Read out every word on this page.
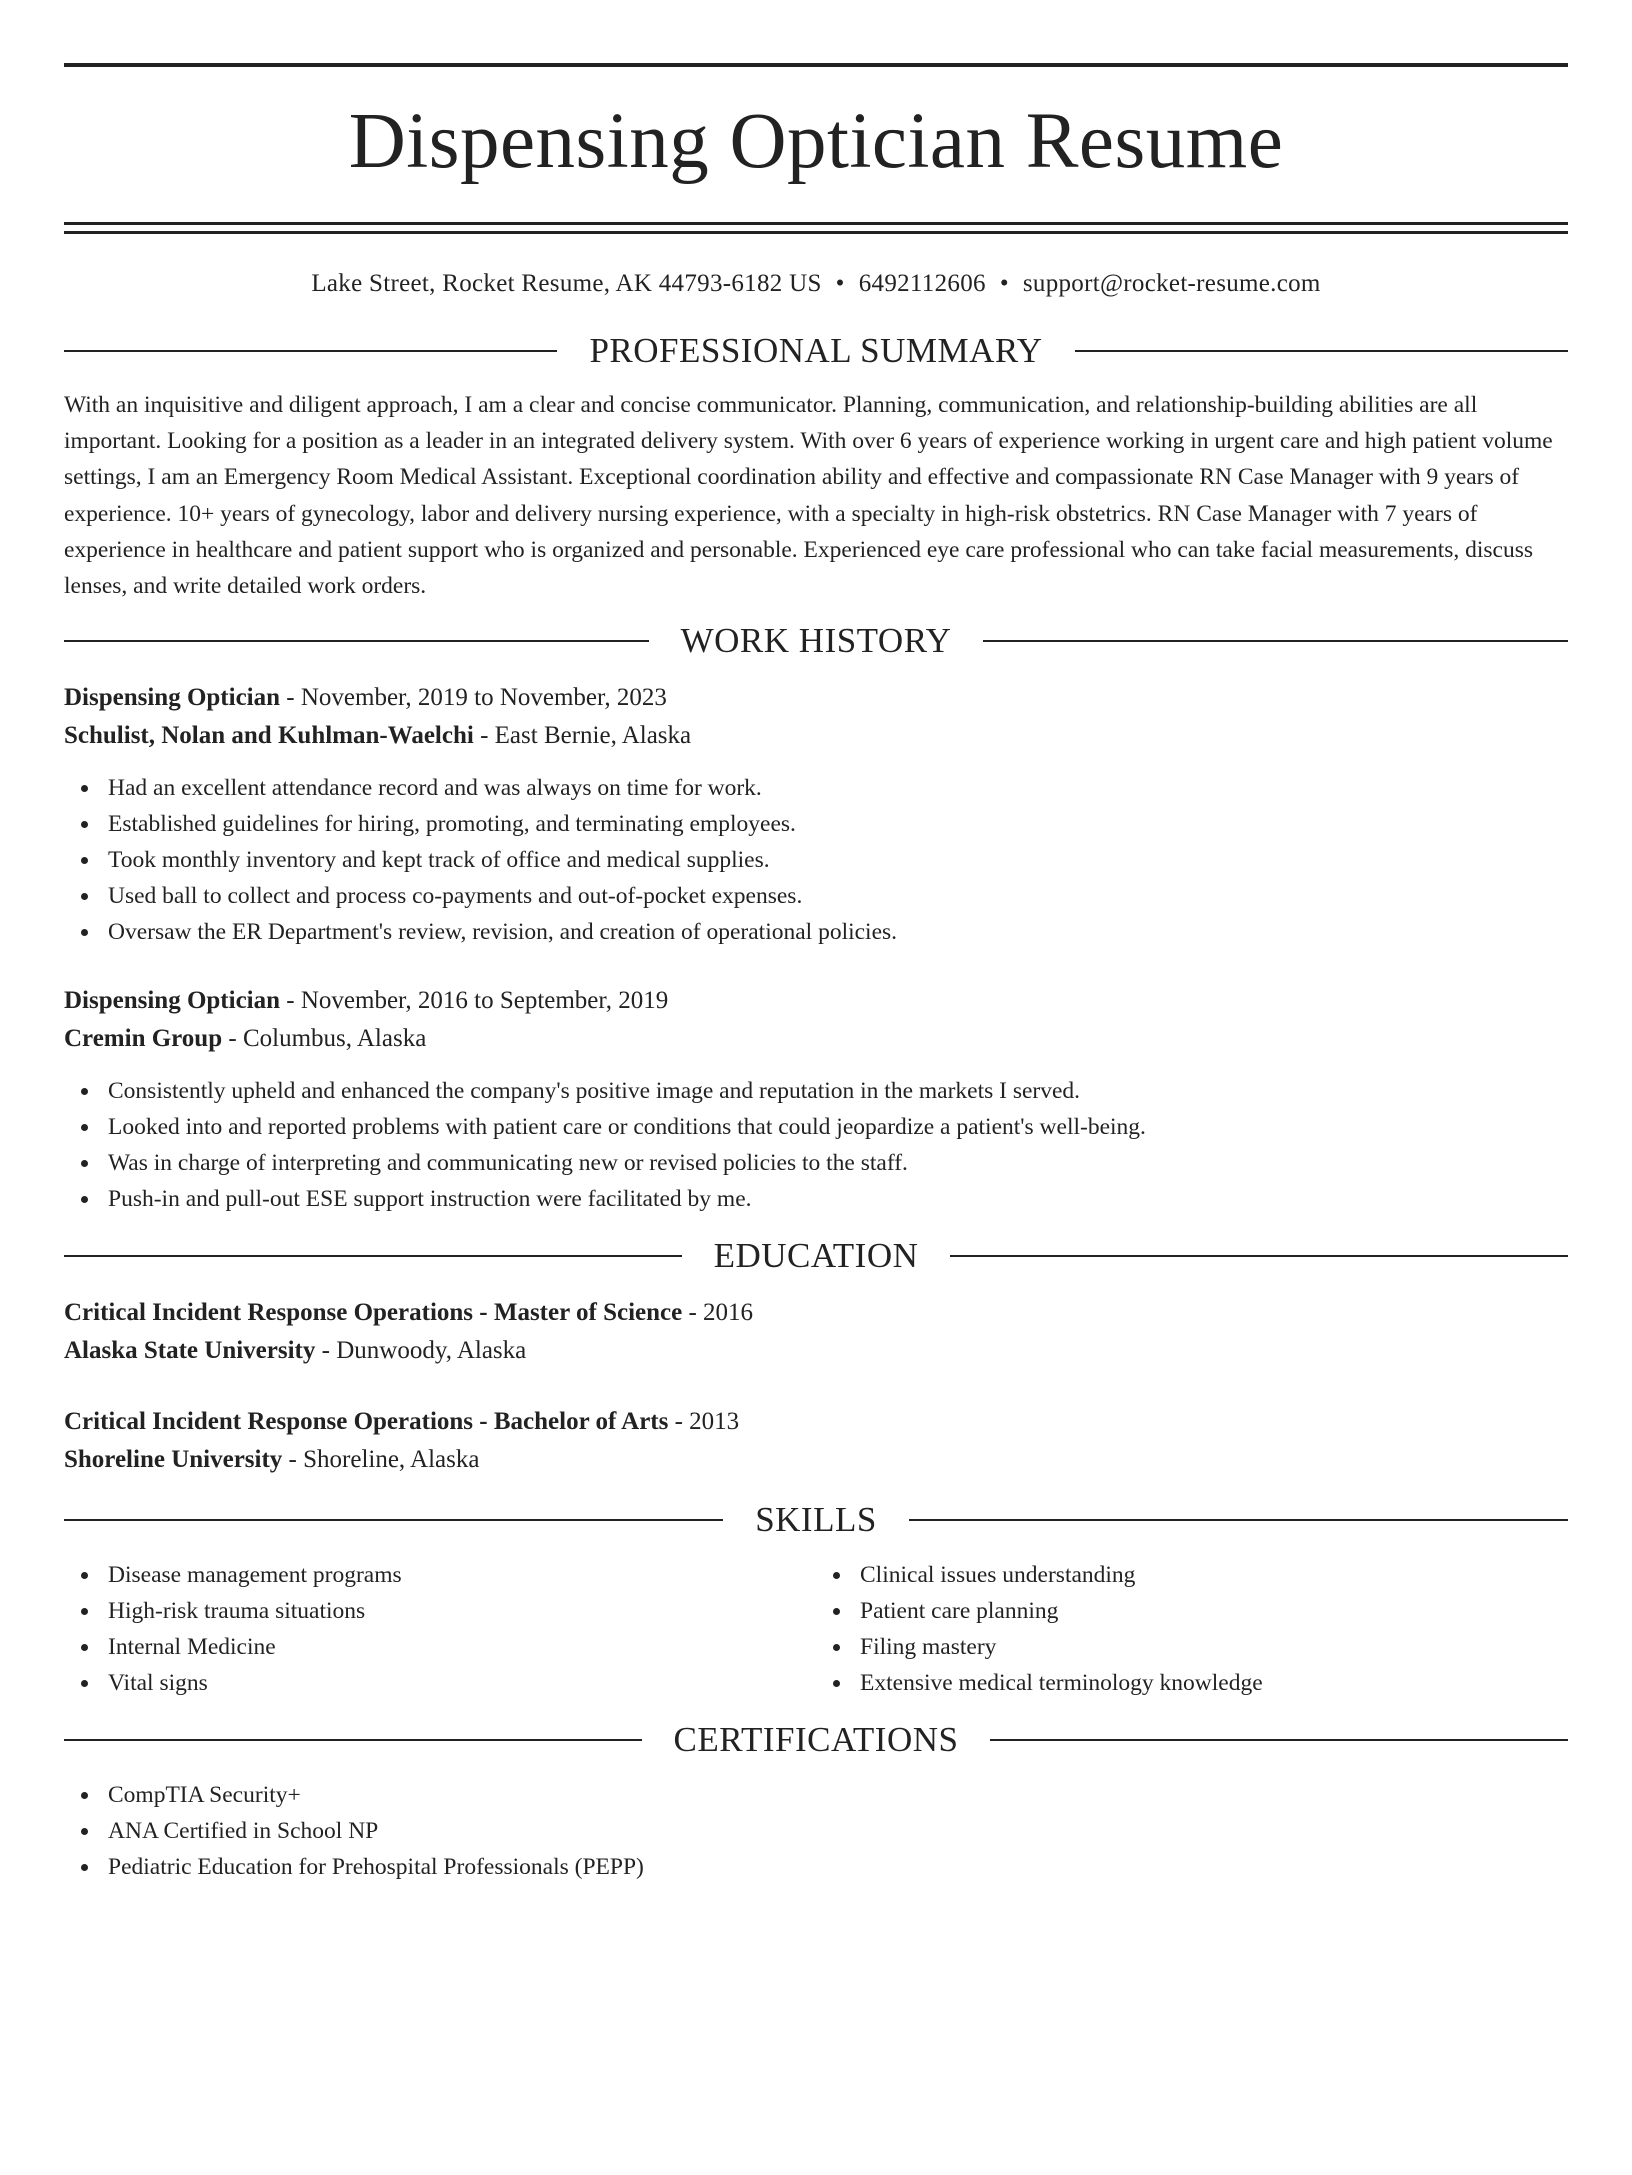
Dispensing Optician Resume
Lake Street, Rocket Resume, AK 44793-6182 US • 6492112606 • support@rocket-resume.com
PROFESSIONAL SUMMARY

With an inquisitive and diligent approach, I am a clear and concise communicator. Planning, communication, and relationship-building abilities are all important. Looking for a position as a leader in an integrated delivery system. With over 6 years of experience working in urgent care and high patient volume settings, I am an Emergency Room Medical Assistant. Exceptional coordination ability and effective and compassionate RN Case Manager with 9 years of experience. 10+ years of gynecology, labor and delivery nursing experience, with a specialty in high-risk obstetrics. RN Case Manager with 7 years of experience in healthcare and patient support who is organized and personable. Experienced eye care professional who can take facial measurements, discuss lenses, and write detailed work orders.

WORK HISTORY

Dispensing Optician - November, 2019 to November, 2023

Schulist, Nolan and Kuhlman-Waelchi - East Bernie, Alaska

Had an excellent attendance record and was always on time for work.
Established guidelines for hiring, promoting, and terminating employees.
Took monthly inventory and kept track of office and medical supplies.
Used ball to collect and process co-payments and out-of-pocket expenses.
Oversaw the ER Department's review, revision, and creation of operational policies.

Dispensing Optician - November, 2016 to September, 2019

Cremin Group - Columbus, Alaska

Consistently upheld and enhanced the company's positive image and reputation in the markets I served.
Looked into and reported problems with patient care or conditions that could jeopardize a patient's well-being.
Was in charge of interpreting and communicating new or revised policies to the staff.
Push-in and pull-out ESE support instruction were facilitated by me.
EDUCATION

Critical Incident Response Operations - Master of Science - 2016

Alaska State University - Dunwoody, Alaska

Critical Incident Response Operations - Bachelor of Arts - 2013

Shoreline University - Shoreline, Alaska

SKILLS
Disease management programs
High-risk trauma situations
Internal Medicine
Vital signs
Clinical issues understanding
Patient care planning
Filing mastery
Extensive medical terminology knowledge
CERTIFICATIONS
CompTIA Security+
ANA Certified in School NP
Pediatric Education for Prehospital Professionals (PEPP)
